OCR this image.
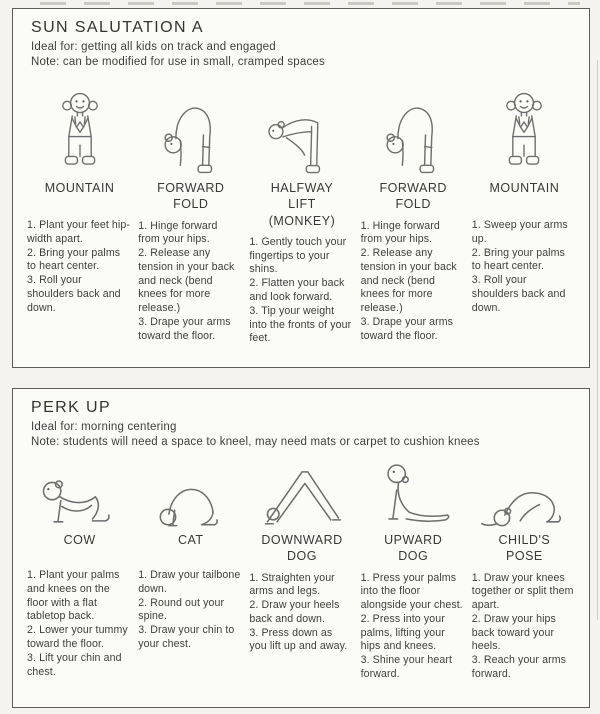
SUN SALUTATION A
Ideal for: getting all kids on track and engaged
Note: can be modified for use in small, cramped spaces
MOUNTAIN
1. Plant your feet hip-width apart.
2. Bring your palms to heart center.
3. Roll your shoulders back and down.
FORWARD FOLD
1. Hinge forward from your hips.
2. Release any tension in your back and neck (bend knees for more release.)
3. Drape your arms toward the floor.
HALFWAY LIFT (MONKEY)
1. Gently touch your fingertips to your shins.
2. Flatten your back and look forward.
3. Tip your weight into the fronts of your feet.
FORWARD FOLD
1. Hinge forward from your hips.
2. Release any tension in your back and neck (bend knees for more release.)
3. Drape your arms toward the floor.
MOUNTAIN
1. Sweep your arms up.
2. Bring your palms to heart center.
3. Roll your shoulders back and down.
PERK UP
Ideal for: morning centering
Note: students will need a space to kneel, may need mats or carpet to cushion knees
COW
1. Plant your palms and knees on the floor with a flat tabletop back.
2. Lower your tummy toward the floor.
3. Lift your chin and chest.
CAT
1. Draw your tailbone down.
2. Round out your spine.
3. Draw your chin to your chest.
DOWNWARD DOG
1. Straighten your arms and legs.
2. Draw your heels back and down.
3. Press down as you lift up and away.
UPWARD DOG
1. Press your palms into the floor alongside your chest.
2. Press into your palms, lifting your hips and knees.
3. Shine your heart forward.
CHILD'S POSE
1. Draw your knees together or split them apart.
2. Draw your hips back toward your heels.
3. Reach your arms forward.
